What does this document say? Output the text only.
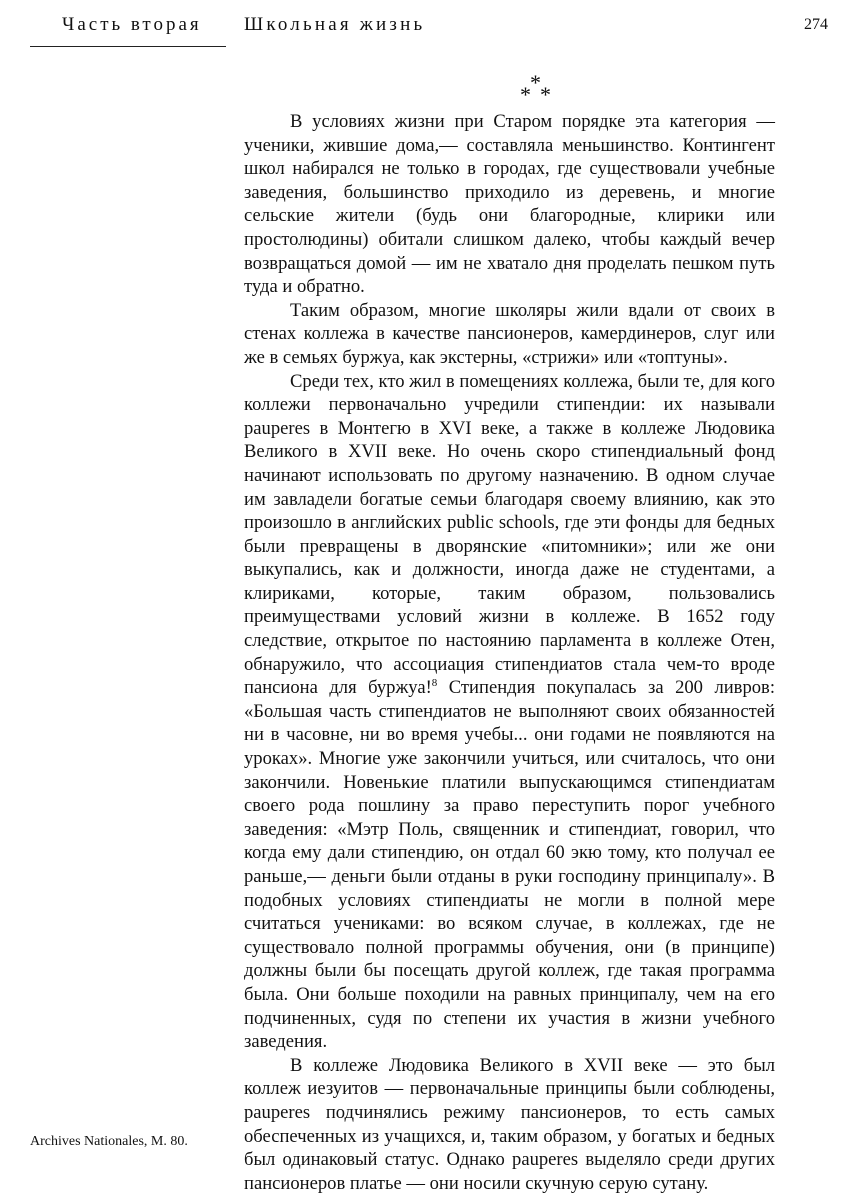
Часть вторая	Школьная жизнь	274
*
* *

В условиях жизни при Старом порядке эта категория — ученики, жившие дома,— составляла меньшинство. Контингент школ набирался не только в городах, где существовали учебные заведения, большинство приходило из деревень, и многие сельские жители (будь они благородные, клирики или простолюдины) обитали слишком далеко, чтобы каждый вечер возвращаться домой — им не хватало дня проделать пешком путь туда и обратно.

Таким образом, многие школяры жили вдали от своих в стенах коллежа в качестве пансионеров, камердинеров, слуг или же в семьях буржуа, как экстерны, «стрижи» или «топтуны».

Среди тех, кто жил в помещениях коллежа, были те, для кого коллежи первоначально учредили стипендии: их называли pauperes в Монтегю в XVI веке, а также в коллеже Людовика Великого в XVII веке. Но очень скоро стипендиальный фонд начинают использовать по другому назначению. В одном случае им завладели богатые семьи благодаря своему влиянию, как это произошло в английских public schools, где эти фонды для бедных были превращены в дворянские «питомники»; или же они выкупались, как и должности, иногда даже не студентами, а клириками, которые, таким образом, пользовались преимуществами условий жизни в коллеже. В 1652 году следствие, открытое по настоянию парламента в коллеже Отен, обнаружило, что ассоциация стипендиатов стала чем-то вроде пансиона для буржуа!$^8$ Стипендия покупалась за 200 ливров: «Большая часть стипендиатов не выполняют своих обязанностей ни в часовне, ни во время учебы... они годами не появляются на уроках». Многие уже закончили учиться, или считалось, что они закончили. Новенькие платили выпускающимся стипендиатам своего рода пошлину за право переступить порог учебного заведения: «Мэтр Поль, священник и стипендиат, говорил, что когда ему дали стипендию, он отдал 60 экю тому, кто получал ее раньше,— деньги были отданы в руки господину принципалу». В подобных условиях стипендиаты не могли в полной мере считаться учениками: во всяком случае, в коллежах, где не существовало полной программы обучения, они (в принципе) должны были бы посещать другой коллеж, где такая программа была. Они больше походили на равных принципалу, чем на его подчиненных, судя по степени их участия в жизни учебного заведения.

В коллеже Людовика Великого в XVII веке — это был коллеж иезуитов — первоначальные принципы были соблюдены, pauperes подчинялись режиму пансионеров, то есть самых обеспеченных из учащихся, и, таким образом, у богатых и бедных был одинаковый статус. Однако pauperes выделяло среди других пансионеров платье — они носили скучную серую сутану.

Archives Nationales, M. 80.
